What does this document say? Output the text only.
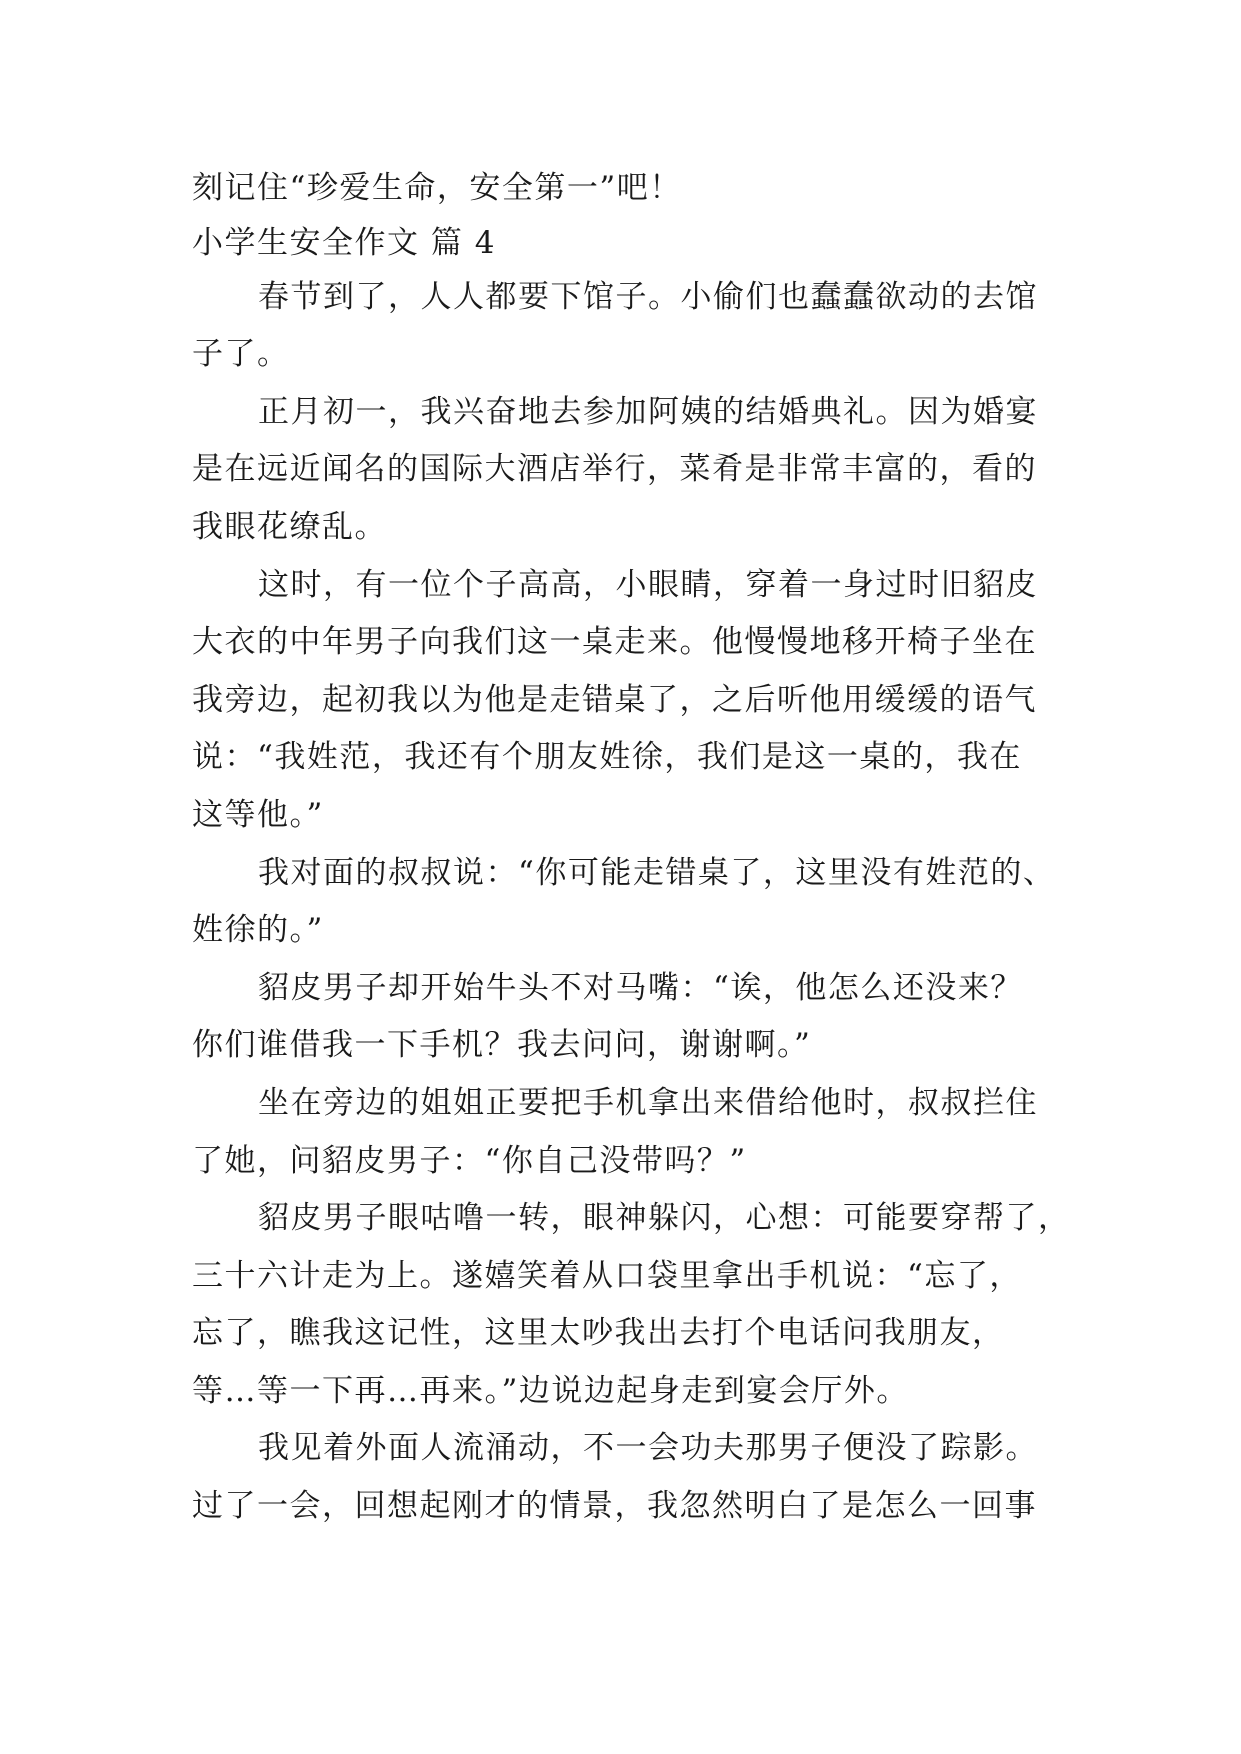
刻记住“珍爱生命，安全第一”吧！
小学生安全作文 篇 4
春节到了，人人都要下馆子。小偷们也蠢蠢欲动的去馆
子了。
正月初一，我兴奋地去参加阿姨的结婚典礼。因为婚宴
是在远近闻名的国际大酒店举行，菜肴是非常丰富的，看的
我眼花缭乱。
这时，有一位个子高高，小眼睛，穿着一身过时旧貂皮
大衣的中年男子向我们这一桌走来。他慢慢地移开椅子坐在
我旁边，起初我以为他是走错桌了，之后听他用缓缓的语气
说：“我姓范，我还有个朋友姓徐，我们是这一桌的，我在
这等他。”
我对面的叔叔说：“你可能走错桌了，这里没有姓范的、
姓徐的。”
貂皮男子却开始牛头不对马嘴：“诶，他怎么还没来？
你们谁借我一下手机？我去问问，谢谢啊。”
坐在旁边的姐姐正要把手机拿出来借给他时，叔叔拦住
了她，问貂皮男子：“你自己没带吗？”
貂皮男子眼咕噜一转，眼神躲闪，心想：可能要穿帮了，
三十六计走为上。遂嬉笑着从口袋里拿出手机说：“忘了，
忘了，瞧我这记性，这里太吵我出去打个电话问我朋友，
等…等一下再…再来。”边说边起身走到宴会厅外。
我见着外面人流涌动，不一会功夫那男子便没了踪影。
过了一会，回想起刚才的情景，我忽然明白了是怎么一回事
